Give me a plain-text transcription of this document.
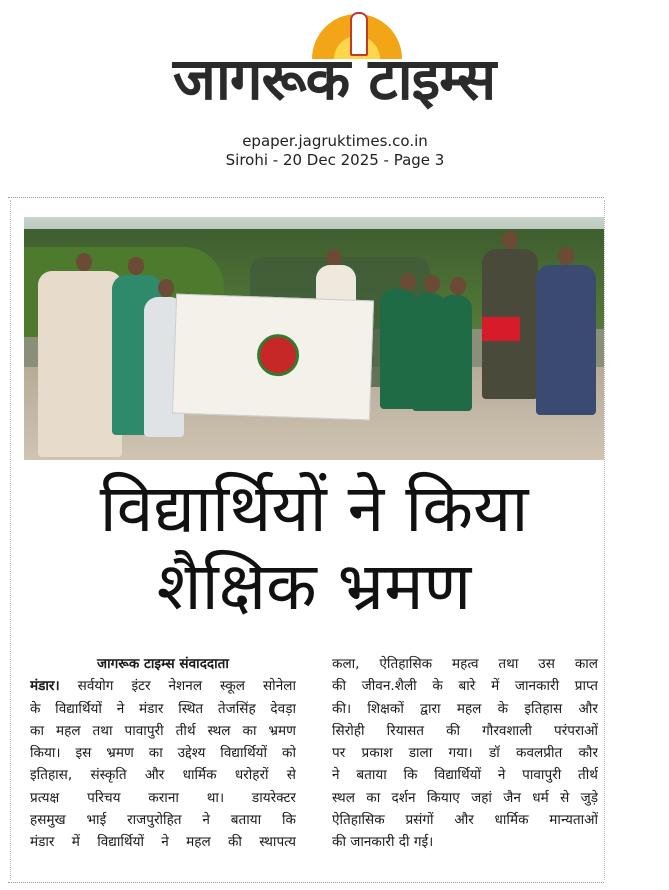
जागरूक टाइम्स
epaper.jagruktimes.co.in
Sirohi - 20 Dec 2025 - Page 3
विद्यार्थियों ने किया
शैक्षिक भ्रमण
जागरूक टाइम्स संवाददाता
मंडार। सर्वयोग इंटर नेशनल स्कूल सोनेला
के विद्यार्थियों ने मंडार स्थित तेजसिंह देवड़ा
का महल तथा पावापुरी तीर्थ स्थल का भ्रमण
किया। इस भ्रमण का उद्देश्य विद्यार्थियों को
इतिहास, संस्कृति और धार्मिक धरोहरों से
प्रत्यक्ष परिचय कराना था। डायरेक्टर
हसमुख भाई राजपुरोहित ने बताया कि
मंडार में विद्यार्थियों ने महल की स्थापत्य
कला, ऐतिहासिक महत्व तथा उस काल
की जीवन.शैली के बारे में जानकारी प्राप्त
की। शिक्षकों द्वारा महल के इतिहास और
सिरोही रियासत की गौरवशाली परंपराओं
पर प्रकाश डाला गया। डॉ कवलप्रीत कौर
ने बताया कि विद्यार्थियों ने पावापुरी तीर्थ
स्थल का दर्शन कियाए जहां जैन धर्म से जुड़े
ऐतिहासिक प्रसंगों और धार्मिक मान्यताओं
की जानकारी दी गई।
